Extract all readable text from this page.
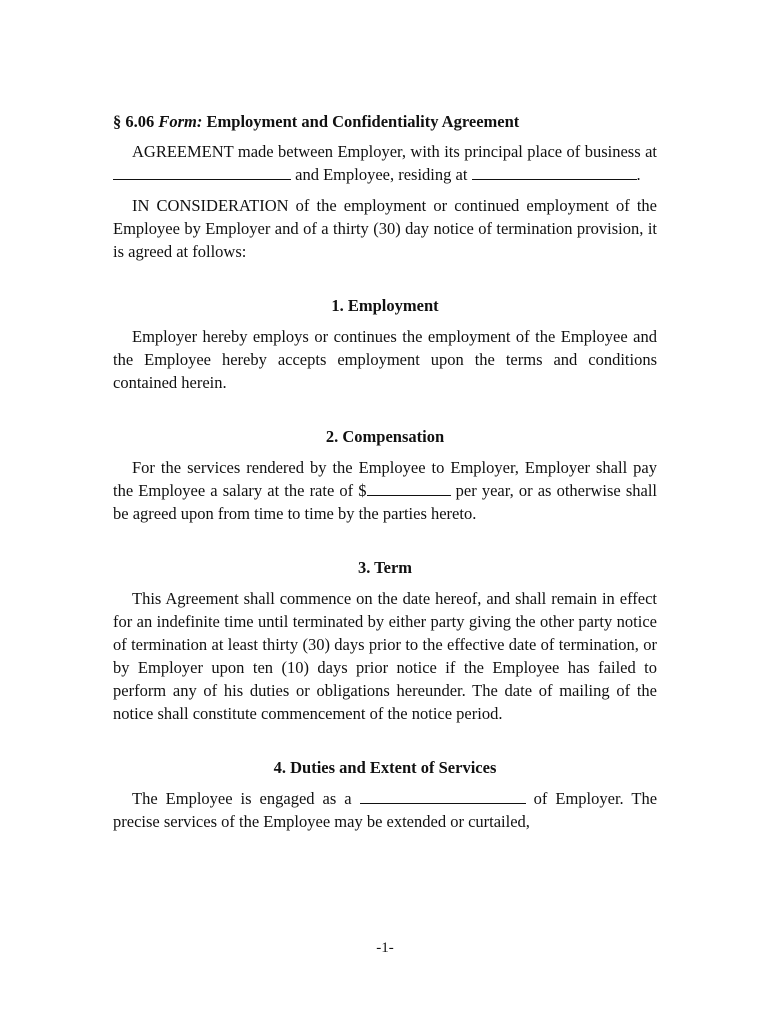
§ 6.06 Form: Employment and Confidentiality Agreement

AGREEMENT made between Employer, with its principal place of business at  and Employee, residing at	.

IN CONSIDERATION of the employment or continued employment of the Employee by Employer and of a thirty (30) day notice of termination provision, it is agreed at follows:

1. Employment

Employer hereby employs or continues the employment of the Employee and the Employee hereby accepts employment upon the terms and conditions contained herein.

2. Compensation

For the services rendered by the Employee to Employer, Employer shall pay the Employee a salary at the rate of $	per year, or as otherwise shall be agreed upon from time to time by the parties hereto.

3. Term

This Agreement shall commence on the date hereof, and shall remain in effect for an indefinite time until terminated by either party giving the other party notice of termination at least thirty (30) days prior to the effective date of termination, or by Employer upon ten (10) days prior notice if the Employee has failed to perform any of his duties or obligations hereunder. The date of mailing of the notice shall constitute commencement of the notice period.

4. Duties and Extent of Services

The Employee is engaged as a	of Employer. The precise services of the Employee may be extended or curtailed,

-1-
